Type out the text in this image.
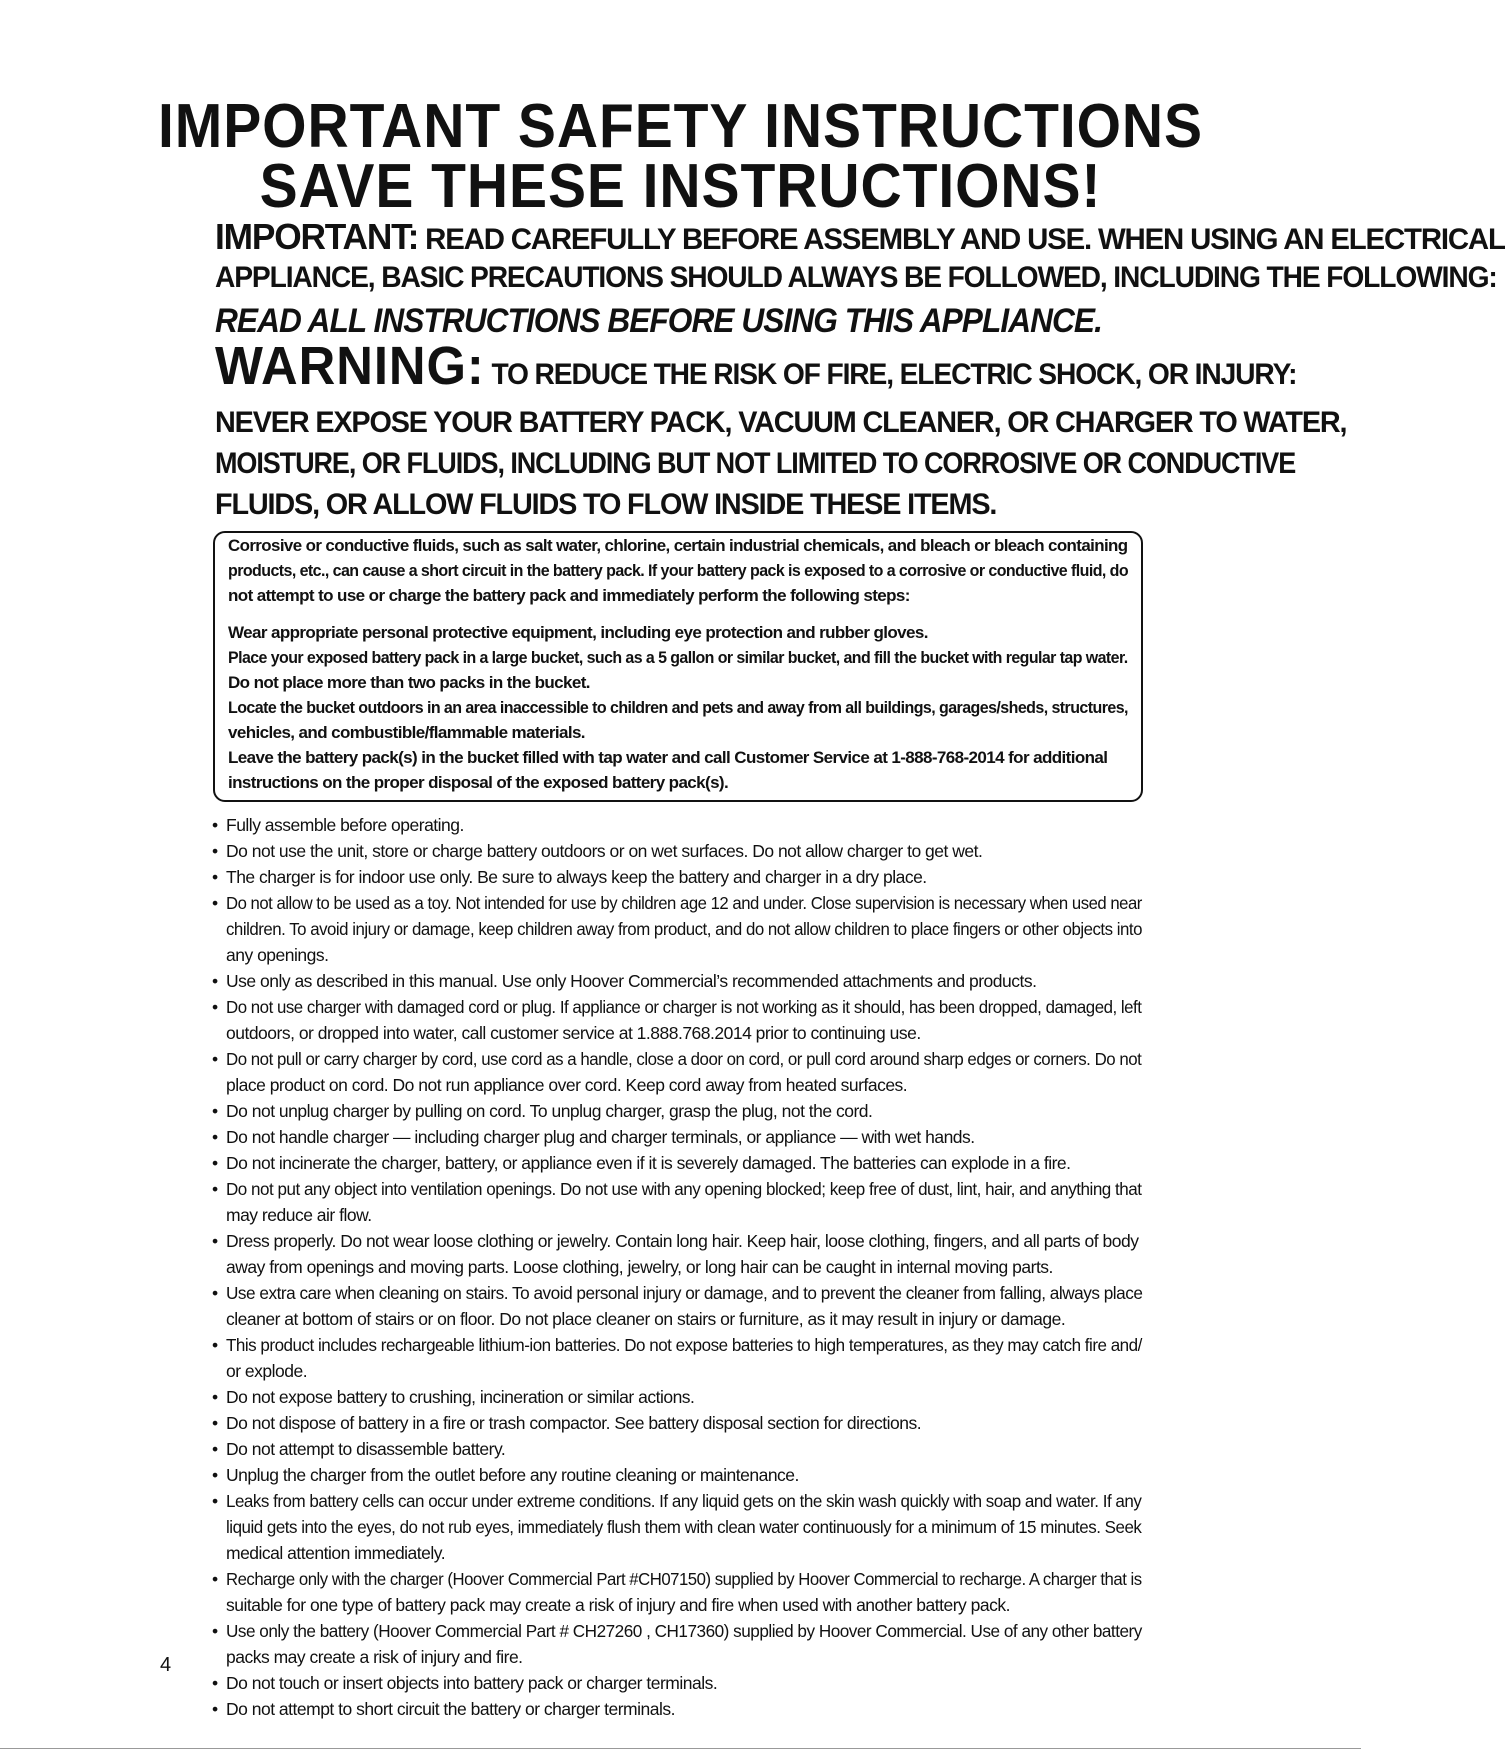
IMPORTANT SAFETY INSTRUCTIONS
SAVE THESE INSTRUCTIONS!
IMPORTANT: READ CAREFULLY BEFORE ASSEMBLY AND USE. WHEN USING AN ELECTRICAL
APPLIANCE, BASIC PRECAUTIONS SHOULD ALWAYS BE FOLLOWED, INCLUDING THE FOLLOWING:
READ ALL INSTRUCTIONS BEFORE USING THIS APPLIANCE.
WARNING: TO REDUCE THE RISK OF FIRE, ELECTRIC SHOCK, OR INJURY:
NEVER EXPOSE YOUR BATTERY PACK, VACUUM CLEANER, OR CHARGER TO WATER,
MOISTURE, OR FLUIDS, INCLUDING BUT NOT LIMITED TO CORROSIVE OR CONDUCTIVE
FLUIDS, OR ALLOW FLUIDS TO FLOW INSIDE THESE ITEMS.

Corrosive or conductive fluids, such as salt water, chlorine, certain industrial chemicals, and bleach or bleach containing

products, etc., can cause a short circuit in the battery pack. If your battery pack is exposed to a corrosive or conductive fluid, do

not attempt to use or charge the battery pack and immediately perform the following steps:

Wear appropriate personal protective equipment, including eye protection and rubber gloves.

Place your exposed battery pack in a large bucket, such as a 5 gallon or similar bucket, and fill the bucket with regular tap water.

Do not place more than two packs in the bucket.

Locate the bucket outdoors in an area inaccessible to children and pets and away from all buildings, garages/sheds, structures,

vehicles, and combustible/flammable materials.

Leave the battery pack(s) in the bucket filled with tap water and call Customer Service at 1-888-768-2014 for additional

instructions on the proper disposal of the exposed battery pack(s).

• Fully assemble before operating.
• Do not use the unit, store or charge battery outdoors or on wet surfaces. Do not allow charger to get wet.
• The charger is for indoor use only. Be sure to always keep the battery and charger in a dry place.
• Do not allow to be used as a toy. Not intended for use by children age 12 and under. Close supervision is necessary when used near
children. To avoid injury or damage, keep children away from product, and do not allow children to place fingers or other objects into
any openings.
• Use only as described in this manual. Use only Hoover Commercial’s recommended attachments and products.
• Do not use charger with damaged cord or plug. If appliance or charger is not working as it should, has been dropped, damaged, left
outdoors, or dropped into water, call customer service at 1.888.768.2014 prior to continuing use.
• Do not pull or carry charger by cord, use cord as a handle, close a door on cord, or pull cord around sharp edges or corners. Do not
place product on cord. Do not run appliance over cord. Keep cord away from heated surfaces.
• Do not unplug charger by pulling on cord. To unplug charger, grasp the plug, not the cord.
• Do not handle charger — including charger plug and charger terminals, or appliance — with wet hands.
• Do not incinerate the charger, battery, or appliance even if it is severely damaged. The batteries can explode in a fire.
• Do not put any object into ventilation openings. Do not use with any opening blocked; keep free of dust, lint, hair, and anything that
may reduce air flow.
• Dress properly. Do not wear loose clothing or jewelry. Contain long hair. Keep hair, loose clothing, fingers, and all parts of body
away from openings and moving parts. Loose clothing, jewelry, or long hair can be caught in internal moving parts.
• Use extra care when cleaning on stairs. To avoid personal injury or damage, and to prevent the cleaner from falling, always place
cleaner at bottom of stairs or on floor. Do not place cleaner on stairs or furniture, as it may result in injury or damage.
• This product includes rechargeable lithium-ion batteries. Do not expose batteries to high temperatures, as they may catch fire and/
or explode.
• Do not expose battery to crushing, incineration or similar actions.
• Do not dispose of battery in a fire or trash compactor. See battery disposal section for directions.
• Do not attempt to disassemble battery.
• Unplug the charger from the outlet before any routine cleaning or maintenance.
• Leaks from battery cells can occur under extreme conditions. If any liquid gets on the skin wash quickly with soap and water. If any
liquid gets into the eyes, do not rub eyes, immediately flush them with clean water continuously for a minimum of 15 minutes. Seek
medical attention immediately.
• Recharge only with the charger (Hoover Commercial Part #CH07150) supplied by Hoover Commercial to recharge. A charger that is
suitable for one type of battery pack may create a risk of injury and fire when used with another battery pack.
• Use only the battery (Hoover Commercial Part # CH27260 , CH17360) supplied by Hoover Commercial. Use of any other battery
packs may create a risk of injury and fire.
• Do not touch or insert objects into battery pack or charger terminals.
• Do not attempt to short circuit the battery or charger terminals.
4
